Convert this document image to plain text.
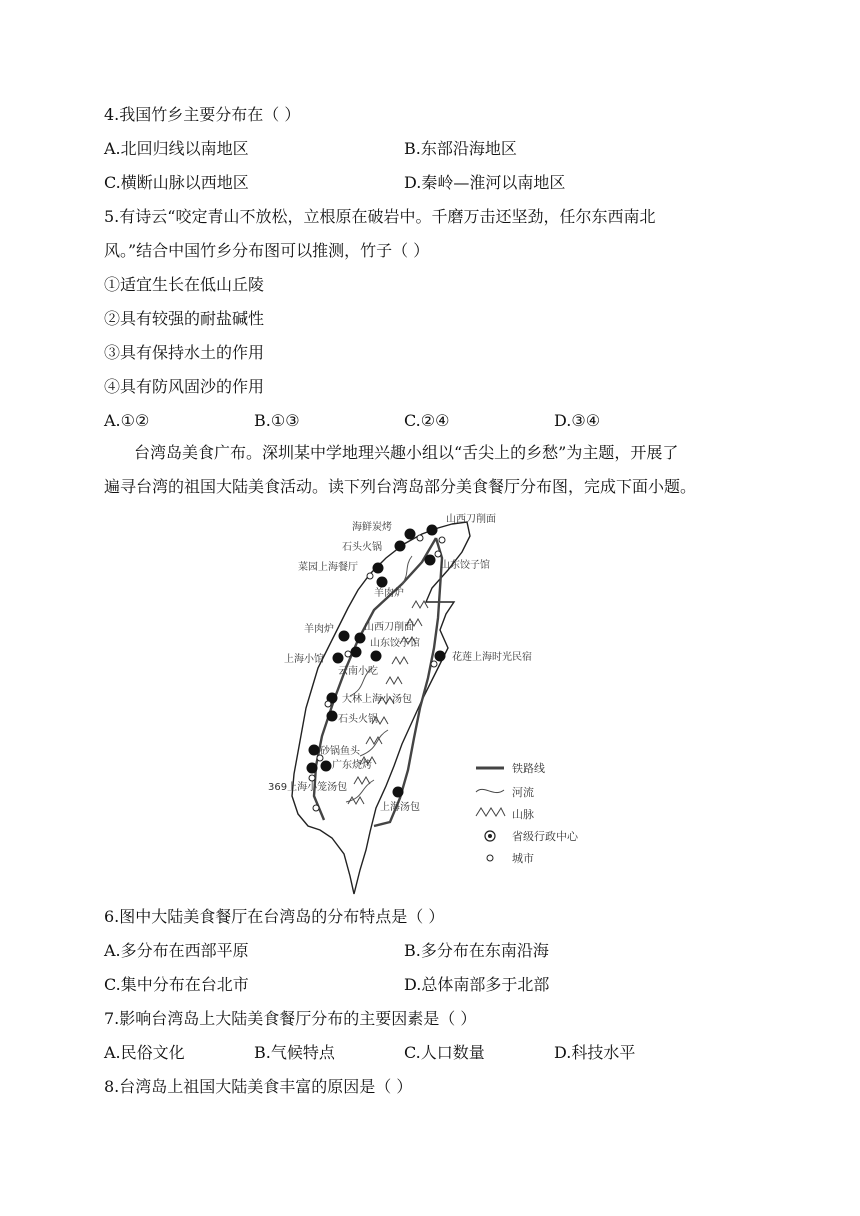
4.我国竹乡主要分布在（ ）
A.北回归线以南地区	B.东部沿海地区
C.横断山脉以西地区	D.秦岭—淮河以南地区
5.有诗云“咬定青山不放松，立根原在破岩中。千磨万击还坚劲，任尔东西南北
风。”结合中国竹乡分布图可以推测，竹子（ ）
①适宜生长在低山丘陵
②具有较强的耐盐碱性
③具有保持水土的作用
④具有防风固沙的作用
A.①②	B.①③	C.②④	D.③④
台湾岛美食广布。深圳某中学地理兴趣小组以“舌尖上的乡愁”为主题，开展了
遍寻台湾的祖国大陆美食活动。读下列台湾岛部分美食餐厅分布图，完成下面小题。
海鲜炭烤
山西刀削面
石头火锅
菜园上海餐厅	山东饺子馆
羊肉炉
羊肉炉	山西刀削面
山东饺子馆
上海小馆
云南小吃
花莲上海时光民宿
大林上海小汤包
石头火锅
砂锅鱼头
广东烧烤
369上海小笼汤包
上海汤包
铁路线
河流
山脉
省级行政中心
城市
6.图中大陆美食餐厅在台湾岛的分布特点是（ ）
A.多分布在西部平原	B.多分布在东南沿海
C.集中分布在台北市	D.总体南部多于北部
7.影响台湾岛上大陆美食餐厅分布的主要因素是（ ）
A.民俗文化	B.气候特点	C.人口数量	D.科技水平
8.台湾岛上祖国大陆美食丰富的原因是（ ）
